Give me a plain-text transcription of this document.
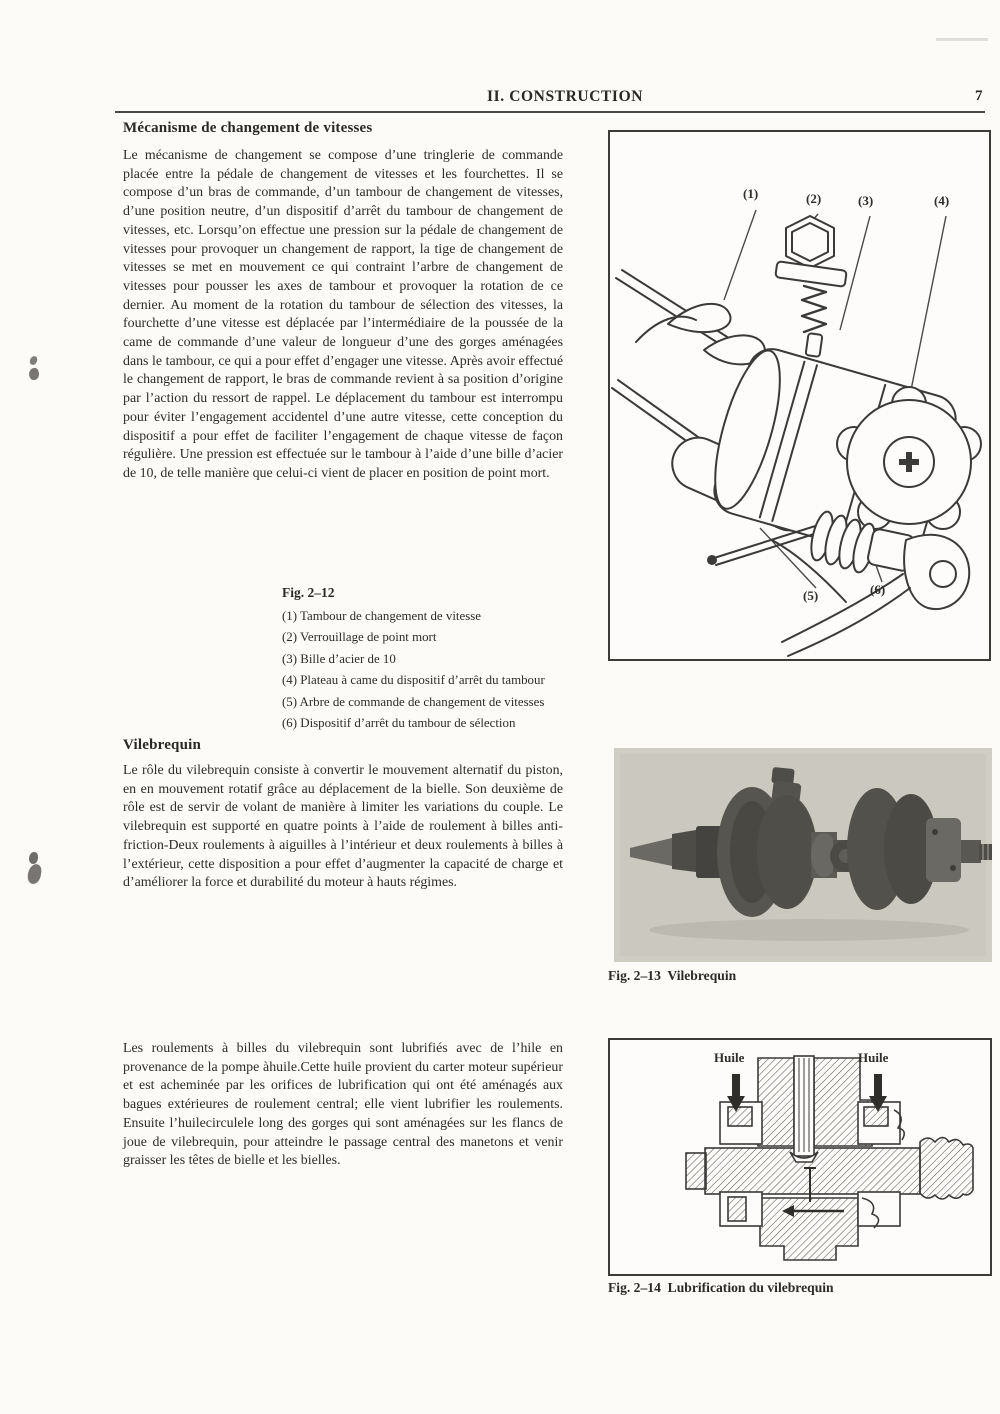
II. CONSTRUCTION	7
Mécanisme de changement de vitesses
Le mécanisme de changement se compose d’une tringlerie de commande placée entre la pédale de changement de vitesses et les fourchettes. Il se compose d’un bras de commande, d’un tambour de changement de vitesses, d’une position neutre, d’un dispositif d’arrêt du tambour de changement de vitesses, etc. Lorsqu’on effectue une pression sur la pédale de changement de vitesses pour provoquer un changement de rapport, la tige de changement de vitesses se met en mouvement ce qui contraint l’arbre de changement de vitesses pour pousser les axes de tambour et provoquer la rotation de ce dernier. Au moment de la rotation du tambour de sélection des vitesses, la fourchette d’une vitesse est déplacée par l’intermédiaire de la poussée de la came de commande d’une valeur de longueur d’une des gorges aménagées dans le tambour, ce qui a pour effet d’engager une vitesse. Après avoir effectué le changement de rapport, le bras de commande revient à sa position d’origine par l’action du ressort de rappel. Le déplacement du tambour est interrompu pour éviter l’engagement accidentel d’une autre vitesse, cette conception du dispositif a pour effet de faciliter l’engagement de chaque vitesse de façon régulière. Une pression est effectuée sur le tambour à l’aide d’une bille d’acier de 10, de telle manière que celui-ci vient de placer en position de point mort.
Fig. 2–12
(1) Tambour de changement de vitesse
(2) Verrouillage de point mort
(3) Bille d’acier de 10
(4) Plateau à came du dispositif d’arrêt du tambour
(5) Arbre de commande de changement de vitesses
(6) Dispositif d’arrêt du tambour de sélection
Vilebrequin
Le rôle du vilebrequin consiste à convertir le mouvement alternatif du piston, en en mouvement rotatif grâce au déplacement de la bielle. Son deuxième de rôle est de servir de volant de manière à limiter les variations du couple. Le vilebrequin est supporté en quatre points à l’aide de roulement à billes anti-friction-Deux roulements à aiguilles à l’intérieur et deux roulements à billes à l’extérieur, cette disposition a pour effet d’augmenter la capacité de charge et d’améliorer la force et durabilité du moteur à hauts régimes.
Les roulements à billes du vilebrequin sont lubrifiés avec de l’hile en provenance de la pompe àhuile.Cette huile provient du carter moteur supérieur et est acheminée par les orifices de lubrification qui ont été aménagés aux bagues extérieures de roulement central; elle vient lubrifier les roulements. Ensuite l’huilecirculele long des gorges qui sont aménagées sur les flancs de joue de vilebrequin, pour atteindre le passage central des manetons et venir graisser les têtes de bielle et les bielles.
(1)	(2)	(3)	(4)
(5)	(6)
Fig. 2–13  Vilebrequin
Huile	Huile
Fig. 2–14  Lubrification du vilebrequin
